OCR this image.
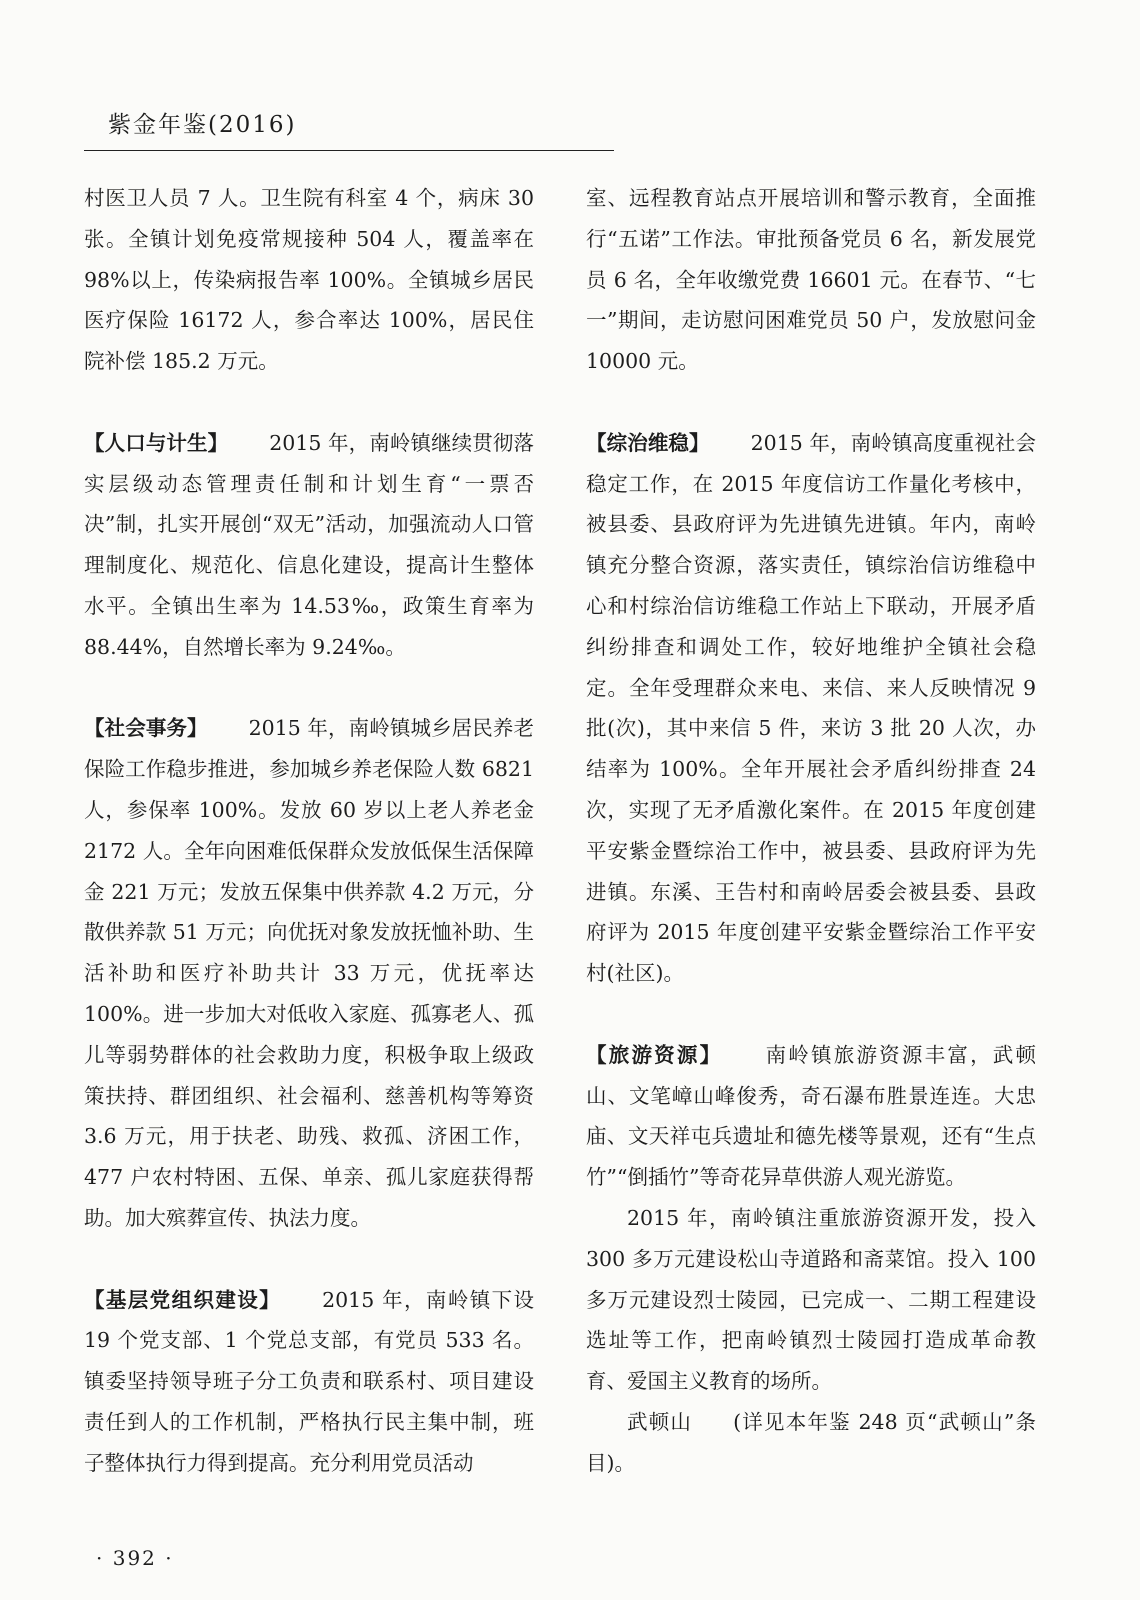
紫金年鉴(2016)

村医卫人员 7 人。卫生院有科室 4 个，病床 30 张。全镇计划免疫常规接种 504 人，覆盖率在 98%以上，传染病报告率 100%。全镇城乡居民医疗保险 16172 人，参合率达 100%，居民住院补偿 185.2 万元。

【人口与计生】 2015 年，南岭镇继续贯彻落实层级动态管理责任制和计划生育“一票否决”制，扎实开展创“双无”活动，加强流动人口管理制度化、规范化、信息化建设，提高计生整体水平。全镇出生率为 14.53‰，政策生育率为 88.44%，自然增长率为 9.24‰。

【社会事务】 2015 年，南岭镇城乡居民养老保险工作稳步推进，参加城乡养老保险人数 6821 人，参保率 100%。发放 60 岁以上老人养老金 2172 人。全年向困难低保群众发放低保生活保障金 221 万元；发放五保集中供养款 4.2 万元，分散供养款 51 万元；向优抚对象发放抚恤补助、生活补助和医疗补助共计 33 万元，优抚率达 100%。进一步加大对低收入家庭、孤寡老人、孤儿等弱势群体的社会救助力度，积极争取上级政策扶持、群团组织、社会福利、慈善机构等筹资 3.6 万元，用于扶老、助残、救孤、济困工作，477 户农村特困、五保、单亲、孤儿家庭获得帮助。加大殡葬宣传、执法力度。

【基层党组织建设】 2015 年，南岭镇下设 19 个党支部、1 个党总支部，有党员 533 名。镇委坚持领导班子分工负责和联系村、项目建设责任到人的工作机制，严格执行民主集中制，班子整体执行力得到提高。充分利用党员活动

室、远程教育站点开展培训和警示教育，全面推行“五诺”工作法。审批预备党员 6 名，新发展党员 6 名，全年收缴党费 16601 元。在春节、“七一”期间，走访慰问困难党员 50 户，发放慰问金 10000 元。

【综治维稳】 2015 年，南岭镇高度重视社会稳定工作，在 2015 年度信访工作量化考核中，被县委、县政府评为先进镇先进镇。年内，南岭镇充分整合资源，落实责任，镇综治信访维稳中心和村综治信访维稳工作站上下联动，开展矛盾纠纷排查和调处工作，较好地维护全镇社会稳定。全年受理群众来电、来信、来人反映情况 9 批(次)，其中来信 5 件，来访 3 批 20 人次，办结率为 100%。全年开展社会矛盾纠纷排查 24 次，实现了无矛盾激化案件。在 2015 年度创建平安紫金暨综治工作中，被县委、县政府评为先进镇。东溪、王告村和南岭居委会被县委、县政府评为 2015 年度创建平安紫金暨综治工作平安村(社区)。

【旅游资源】 南岭镇旅游资源丰富，武顿山、文笔嶂山峰俊秀，奇石瀑布胜景连连。大忠庙、文天祥屯兵遗址和德先楼等景观，还有“生点竹”“倒插竹”等奇花异草供游人观光游览。

2015 年，南岭镇注重旅游资源开发，投入 300 多万元建设松山寺道路和斋菜馆。投入 100 多万元建设烈士陵园，已完成一、二期工程建设选址等工作，把南岭镇烈士陵园打造成革命教育、爱国主义教育的场所。

武顿山 (详见本年鉴 248 页“武顿山”条目)。

· 392 ·
